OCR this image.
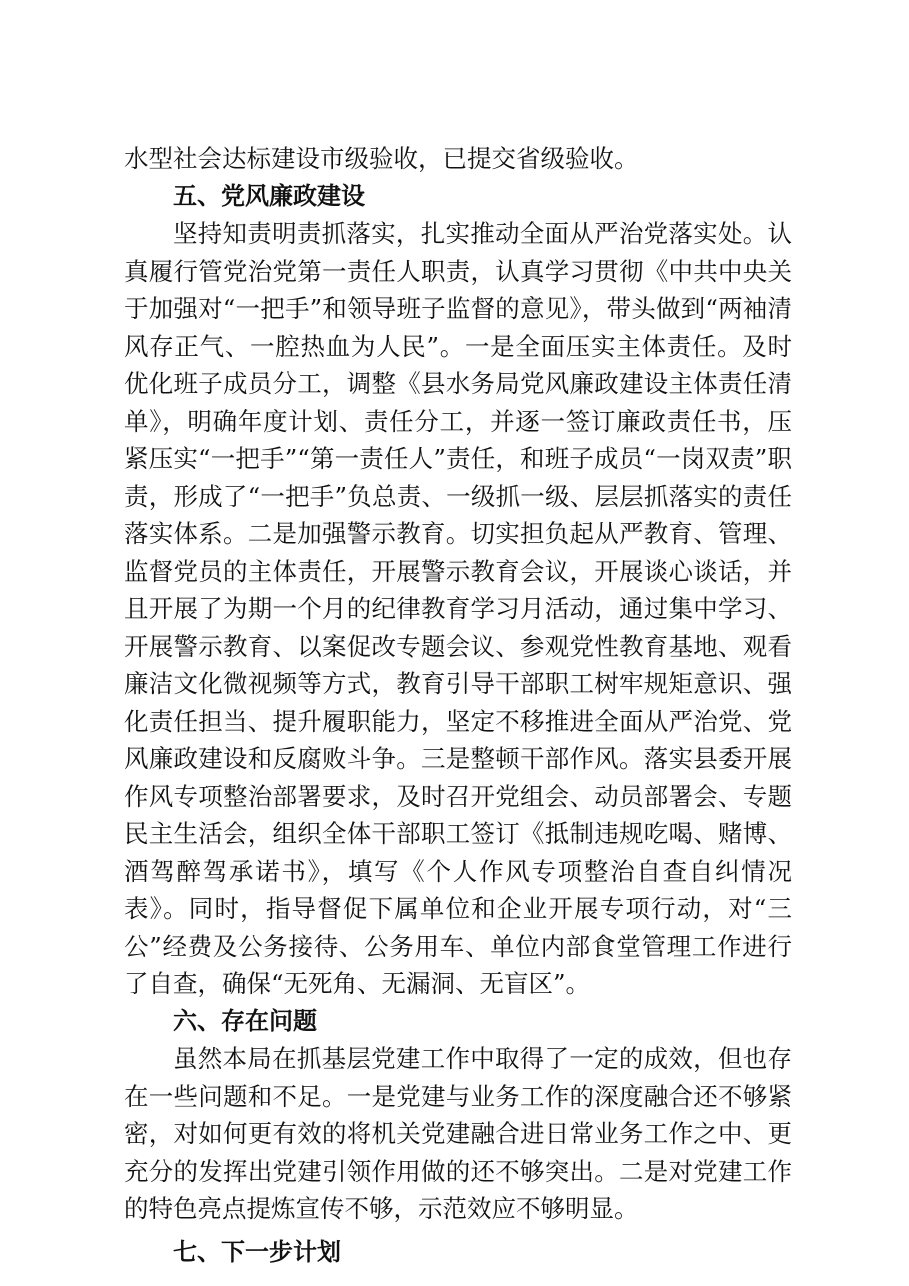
水型社会达标建设市级验收，已提交省级验收。

五、党风廉政建设

坚持知责明责抓落实，扎实推动全面从严治党落实处。认真履行管党治党第一责任人职责，认真学习贯彻《中共中央关于加强对“一把手”和领导班子监督的意见》，带头做到“两袖清风存正气、一腔热血为人民”。一是全面压实主体责任。及时优化班子成员分工，调整《县水务局党风廉政建设主体责任清单》，明确年度计划、责任分工，并逐一签订廉政责任书，压紧压实“一把手”“第一责任人”责任，和班子成员“一岗双责”职责，形成了“一把手”负总责、一级抓一级、层层抓落实的责任落实体系。二是加强警示教育。切实担负起从严教育、管理、监督党员的主体责任，开展警示教育会议，开展谈心谈话，并且开展了为期一个月的纪律教育学习月活动，通过集中学习、开展警示教育、以案促改专题会议、参观党性教育基地、观看廉洁文化微视频等方式，教育引导干部职工树牢规矩意识、强化责任担当、提升履职能力，坚定不移推进全面从严治党、党风廉政建设和反腐败斗争。三是整顿干部作风。落实县委开展作风专项整治部署要求，及时召开党组会、动员部署会、专题民主生活会，组织全体干部职工签订《抵制违规吃喝、赌博、酒驾醉驾承诺书》，填写《个人作风专项整治自查自纠情况表》。同时，指导督促下属单位和企业开展专项行动，对“三公”经费及公务接待、公务用车、单位内部食堂管理工作进行了自查，确保“无死角、无漏洞、无盲区”。

六、存在问题

虽然本局在抓基层党建工作中取得了一定的成效，但也存在一些问题和不足。一是党建与业务工作的深度融合还不够紧密，对如何更有效的将机关党建融合进日常业务工作之中、更充分的发挥出党建引领作用做的还不够突出。二是对党建工作的特色亮点提炼宣传不够，示范效应不够明显。

七、下一步计划
